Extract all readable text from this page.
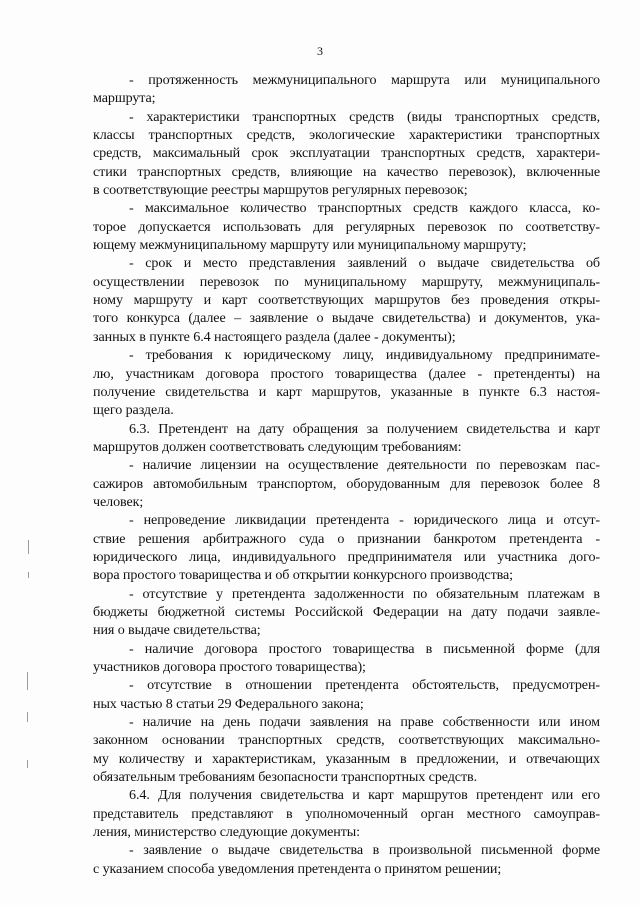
3
- протяженность межмуниципального маршрута или муниципального
маршрута;
- характеристики транспортных средств (виды транспортных средств,
классы транспортных средств, экологические характеристики транспортных
средств, максимальный срок эксплуатации транспортных средств, характери-
стики транспортных средств, влияющие на качество перевозок), включенные
в соответствующие реестры маршрутов регулярных перевозок;
- максимальное количество транспортных средств каждого класса, ко-
торое допускается использовать для регулярных перевозок по соответству-
ющему межмуниципальному маршруту или муниципальному маршруту;
- срок и место представления заявлений о выдаче свидетельства об
осуществлении перевозок по муниципальному маршруту, межмуниципаль-
ному маршруту и карт соответствующих маршрутов без проведения откры-
того конкурса (далее – заявление о выдаче свидетельства) и документов, ука-
занных в пункте 6.4 настоящего раздела (далее - документы);
- требования к юридическому лицу, индивидуальному предпринимате-
лю, участникам договора простого товарищества (далее - претенденты) на
получение свидетельства и карт маршрутов, указанные в пункте 6.3 настоя-
щего раздела.
6.3. Претендент на дату обращения за получением свидетельства и карт
маршрутов должен соответствовать следующим требованиям:
- наличие лицензии на осуществление деятельности по перевозкам пас-
сажиров автомобильным транспортом, оборудованным для перевозок более 8
человек;
- непроведение ликвидации претендента - юридического лица и отсут-
ствие решения арбитражного суда о признании банкротом претендента -
юридического лица, индивидуального предпринимателя или участника дого-
вора простого товарищества и об открытии конкурсного производства;
- отсутствие у претендента задолженности по обязательным платежам в
бюджеты бюджетной системы Российской Федерации на дату подачи заявле-
ния о выдаче свидетельства;
- наличие договора простого товарищества в письменной форме (для
участников договора простого товарищества);
- отсутствие в отношении претендента обстоятельств, предусмотрен-
ных частью 8 статьи 29 Федерального закона;
- наличие на день подачи заявления на праве собственности или ином
законном основании транспортных средств, соответствующих максимально-
му количеству и характеристикам, указанным в предложении, и отвечающих
обязательным требованиям безопасности транспортных средств.
6.4. Для получения свидетельства и карт маршрутов претендент или его
представитель представляют в уполномоченный орган местного самоуправ-
ления, министерство следующие документы:
- заявление о выдаче свидетельства в произвольной письменной форме
с указанием способа уведомления претендента о принятом решении;
